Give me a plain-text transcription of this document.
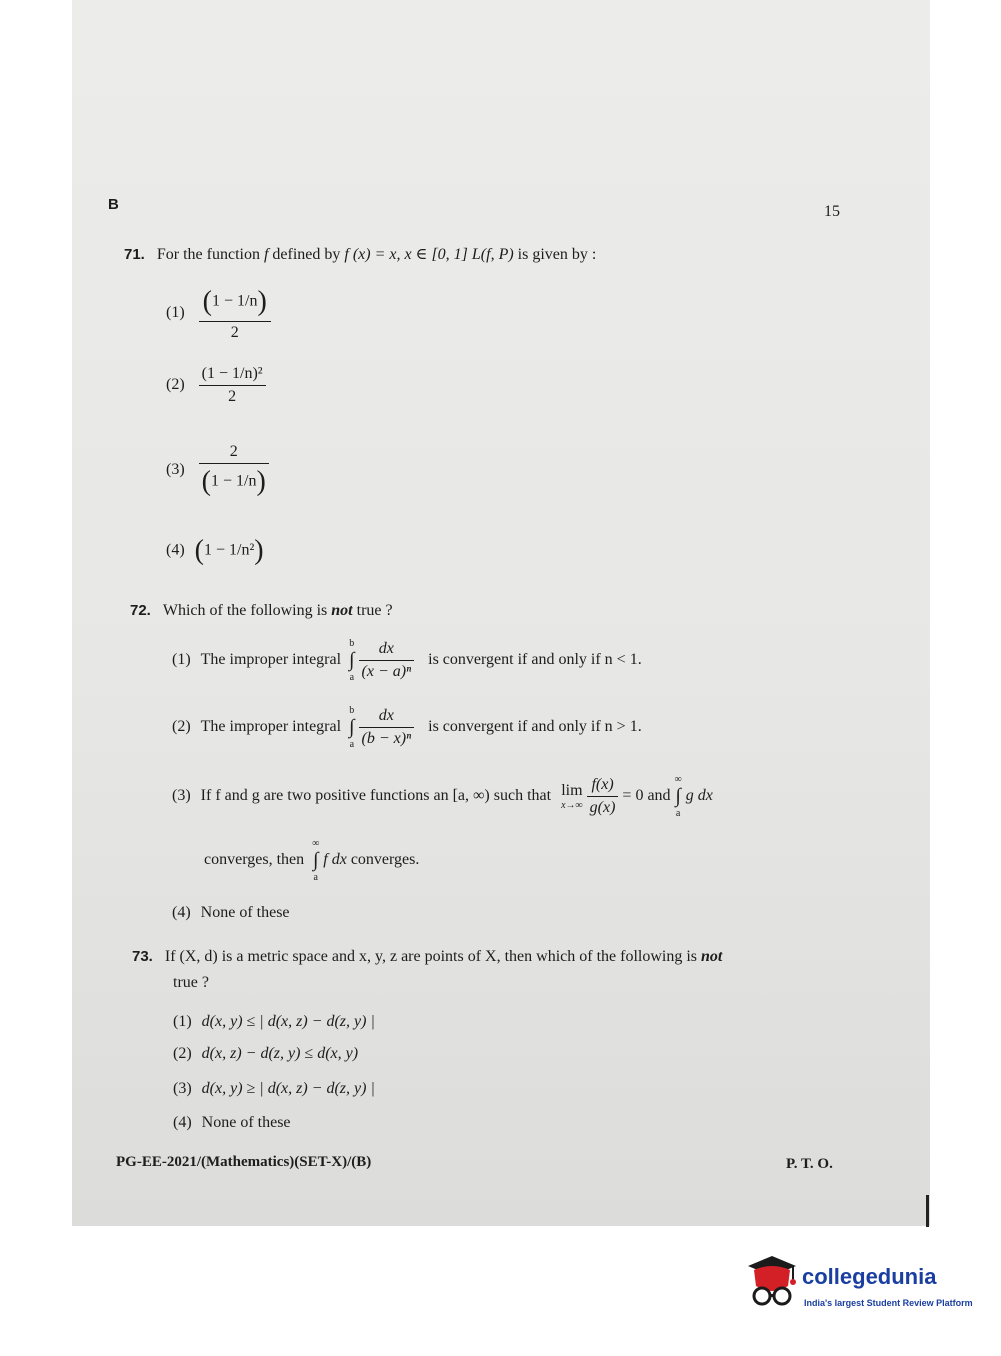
B	15
71. For the function f defined by f (x) = x, x ∈ [0, 1] L(f, P) is given by :
$(1) \frac{(1 - 1/n)}{2}$
$(2) \frac{\text{(1 − 1/n)²}}{2}$
$(3) \frac{2}{(1 - 1/n)}$
(4) (1 − 1/n²)
72. Which of the following is not true ?
(1) The improper integral
b
∫
a
$\frac{dx}{\text{(x − a)ⁿ}}$ is convergent if and only if n < 1.
(2) The improper integral
b
∫
a
$\frac{dx}{\text{(b − x)ⁿ}}$ is convergent if and only if n > 1.
(3) If f and g are two positive functions an [a, ∞) such that lim
x→∞
$\frac{f(x)}{g(x)} = 0$ and
∞
∫
a
g dx
converges, then
∞
∫
a
f dx converges.
(4) None of these
73. If (X, d) is a metric space and x, y, z are points of X, then which of the following is not
true ?
(1) d(x, y) ≤ | d(x, z) − d(z, y) |
(2) d(x, z) − d(z, y) ≤ d(x, y)
(3) d(x, y) ≥ | d(x, z) − d(z, y) |
(4) None of these
PG-EE-2021/(Mathematics)(SET-X)/(B)	P. T. O.
collegedunia
India's largest Student Review Platform
